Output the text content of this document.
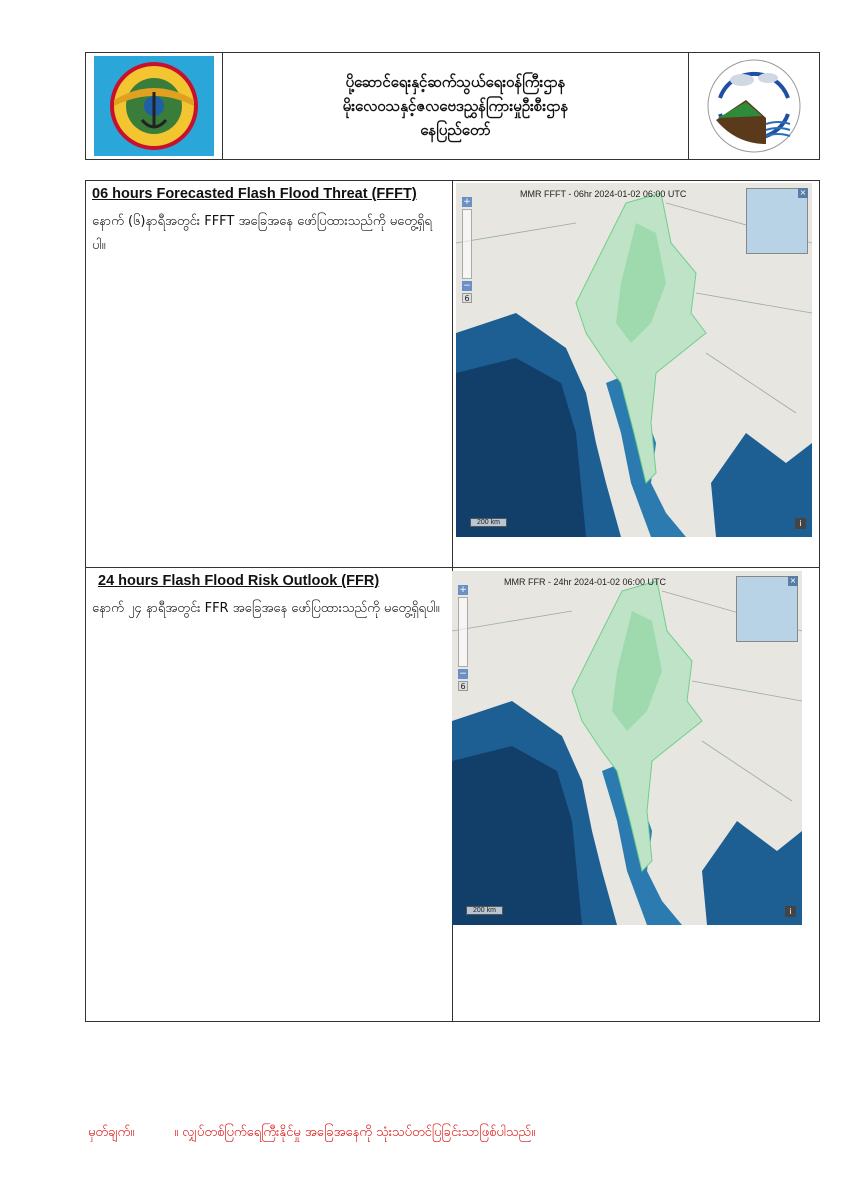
ပို့ဆောင်ရေးနှင့်ဆက်သွယ်ရေးဝန်ကြီးဌာန
မိုးလေဝသနှင့်ဇလဗေဒညွှန်ကြားမှုဦးစီးဌာန
နေပြည်တော်
06 hours Forecasted Flash Flood Threat (FFFT)
နောက် (၆)နာရီအတွင်း FFFT အခြေအနေ ဖော်ပြထားသည်ကို မတွေ့ရှိရပါ။
MMR FFFT - 06hr 2024-01-02 06:00 UTC	×
+
−
6
200 km	i
24 hours Flash Flood Risk Outlook (FFR)
နောက် ၂၄ နာရီအတွင်း FFR အခြေအနေ ဖော်ပြထားသည်ကို မတွေ့ရှိရပါ။
MMR FFR - 24hr 2024-01-02 06:00 UTC	×
+
−
6
200 km	i
မှတ်ချက်။	။ လျှပ်တစ်ပြက်ရေကြီးနိုင်မှု အခြေအနေကို သုံးသပ်တင်ပြခြင်းသာဖြစ်ပါသည်။
